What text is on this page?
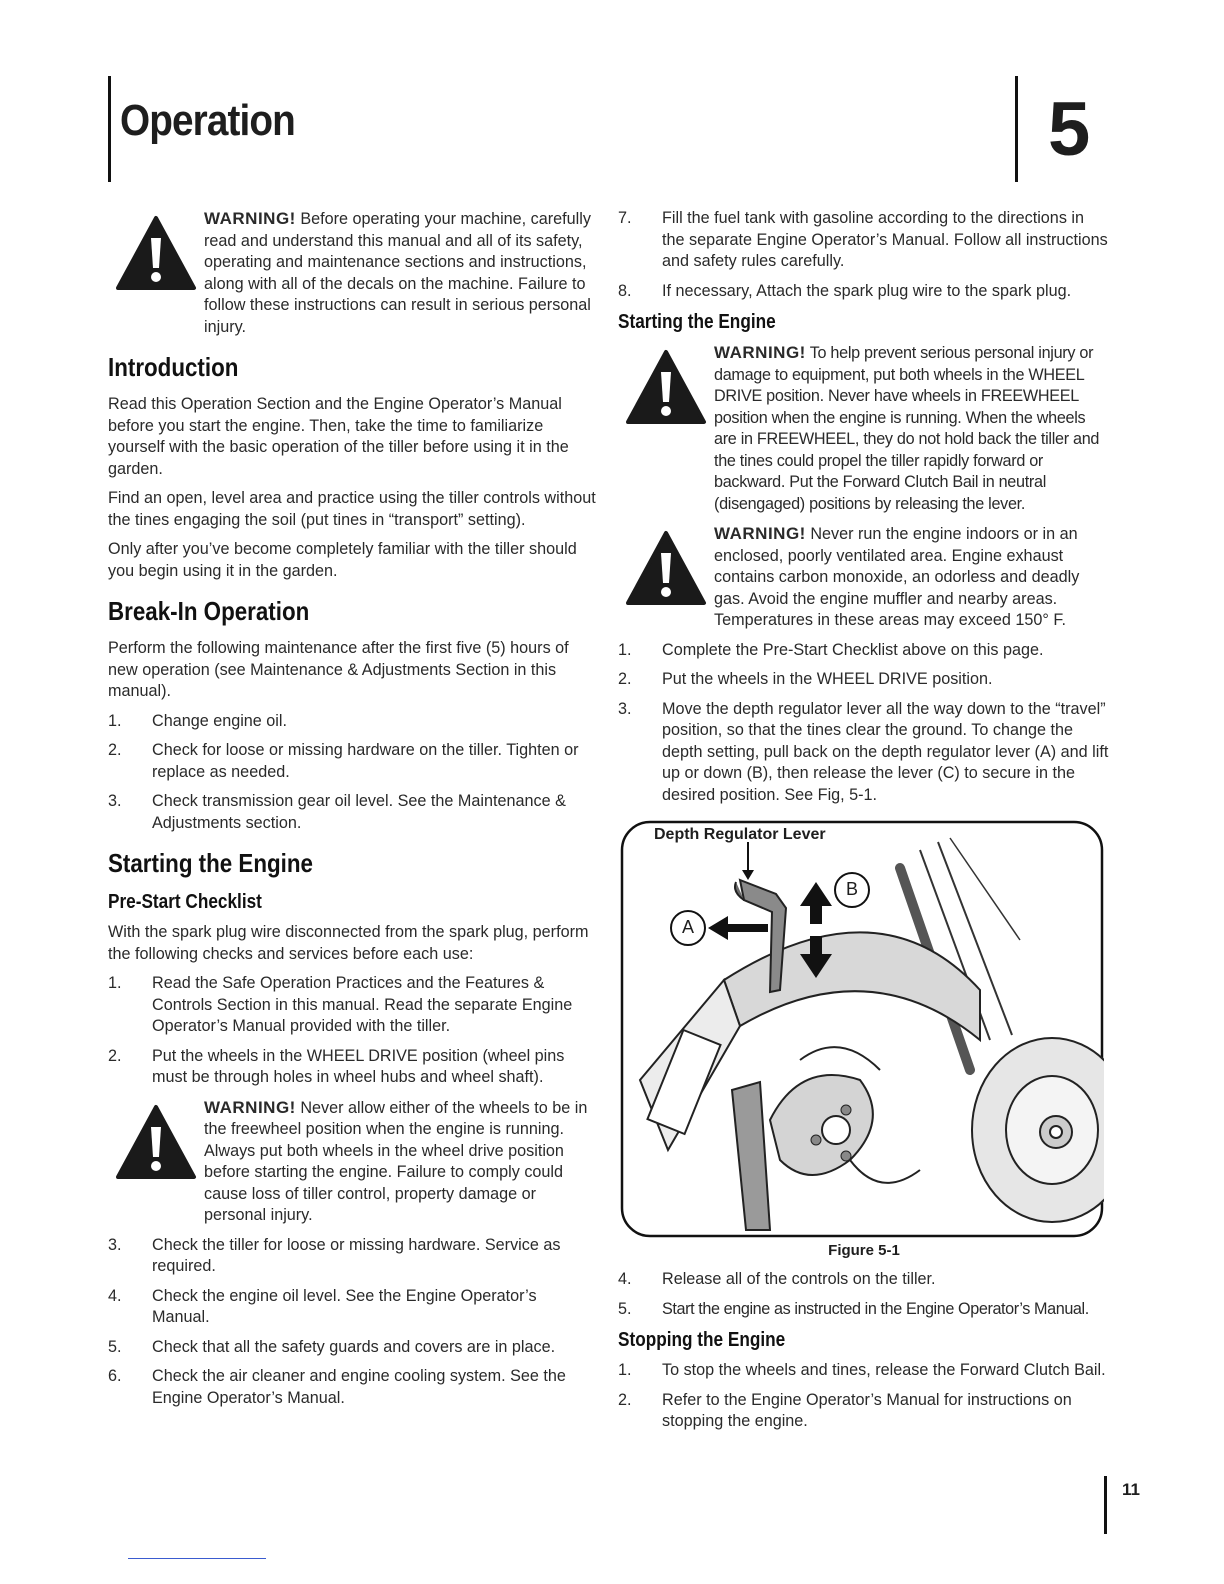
Operation	5

WARNING! Before operating your machine, carefully read and understand this manual and all of its safety, operating and maintenance sections and instructions, along with all of the decals on the machine. Failure to follow these instructions can result in serious personal injury.

Introduction

Read this Operation Section and the Engine Operator’s Manual before you start the engine. Then, take the time to familiarize yourself with the basic operation of the tiller before using it in the garden.

Find an open, level area and practice using the tiller controls without the tines engaging the soil (put tines in “transport” setting).

Only after you’ve become completely familiar with the tiller should you begin using it in the garden.

Break-In Operation

Perform the following maintenance after the first five (5) hours of new operation (see Maintenance & Adjustments Section in this manual).

1.	Change engine oil.
2.	Check for loose or missing hardware on the tiller. Tighten or replace as needed.
3.	Check transmission gear oil level. See the Maintenance & Adjustments section.
Starting the Engine
Pre-Start Checklist

With the spark plug wire disconnected from the spark plug, perform the following checks and services before each use:

1.	Read the Safe Operation Practices and the Features & Controls Section in this manual. Read the separate Engine Operator’s Manual provided with the tiller.
2.	Put the wheels in the WHEEL DRIVE position (wheel pins must be through holes in wheel hubs and wheel shaft).

WARNING! Never allow either of the wheels to be in the freewheel position when the engine is running. Always put both wheels in the wheel drive position before starting the engine. Failure to comply could cause loss of tiller control, property damage or personal injury.

3.	Check the tiller for loose or missing hardware. Service as required.
4.	Check the engine oil level. See the Engine Operator’s Manual.
5.	Check that all the safety guards and covers are in place.
6.	Check the air cleaner and engine cooling system. See the Engine Operator’s Manual.
7.	Fill the fuel tank with gasoline according to the directions in the separate Engine Operator’s Manual. Follow all instructions and safety rules carefully.
8.	If necessary, Attach the spark plug wire to the spark plug.
Starting the Engine

WARNING! To help prevent serious personal injury or damage to equipment, put both wheels in the WHEEL DRIVE position. Never have wheels in FREEWHEEL position when the engine is running. When the wheels are in FREEWHEEL, they do not hold back the tiller and the tines could propel the tiller rapidly forward or backward. Put the Forward Clutch Bail in neutral (disengaged) positions by releasing the lever.

WARNING! Never run the engine indoors or in an enclosed, poorly ventilated area. Engine exhaust contains carbon monoxide, an odorless and deadly gas. Avoid the engine muffler and nearby areas. Temperatures in these areas may exceed 150° F.

1.	Complete the Pre-Start Checklist above on this page.
2.	Put the wheels in the WHEEL DRIVE position.
3.	Move the depth regulator lever all the way down to the “travel” position, so that the tines clear the ground. To change the depth setting, pull back on the depth regulator lever (A) and lift up or down (B), then release the lever (C) to secure in the desired position. See Fig, 5-1.
Depth Regulator Lever
A
B
Figure 5-1
4.	Release all of the controls on the tiller.
5.	Start the engine as instructed in the Engine Operator’s Manual.
Stopping the Engine
1.	To stop the wheels and tines, release the Forward Clutch Bail.
2.	Refer to the Engine Operator’s Manual for instructions on stopping the engine.
11
